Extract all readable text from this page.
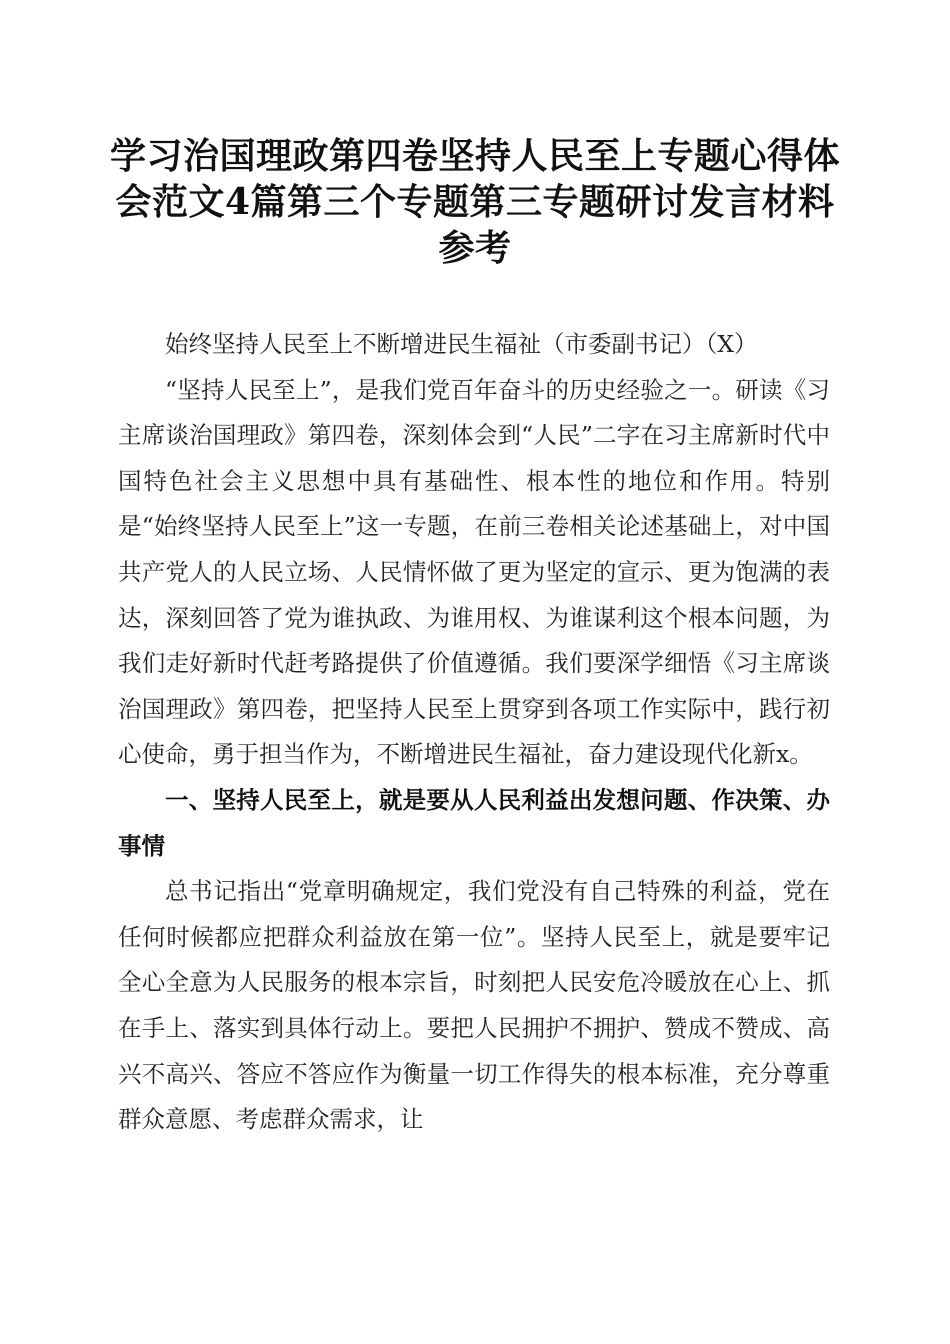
学习治国理政第四卷坚持人民至上专题心得体会范文4篇第三个专题第三专题研讨发言材料参考

始终坚持人民至上不断增进民生福祉（市委副书记）（X）

“坚持人民至上”，是我们党百年奋斗的历史经验之一。研读《习主席谈治国理政》第四卷，深刻体会到“人民”二字在习主席新时代中国特色社会主义思想中具有基础性、根本性的地位和作用。特别是“始终坚持人民至上”这一专题，在前三卷相关论述基础上，对中国共产党人的人民立场、人民情怀做了更为坚定的宣示、更为饱满的表达，深刻回答了党为谁执政、为谁用权、为谁谋利这个根本问题，为我们走好新时代赶考路提供了价值遵循。我们要深学细悟《习主席谈治国理政》第四卷，把坚持人民至上贯穿到各项工作实际中，践行初心使命，勇于担当作为，不断增进民生福祉，奋力建设现代化新x。

一、坚持人民至上，就是要从人民利益出发想问题、作决策、办事情

总书记指出“党章明确规定，我们党没有自己特殊的利益，党在任何时候都应把群众利益放在第一位”。坚持人民至上，就是要牢记全心全意为人民服务的根本宗旨，时刻把人民安危冷暖放在心上、抓在手上、落实到具体行动上。要把人民拥护不拥护、赞成不赞成、高兴不高兴、答应不答应作为衡量一切工作得失的根本标准，充分尊重群众意愿、考虑群众需求，让
